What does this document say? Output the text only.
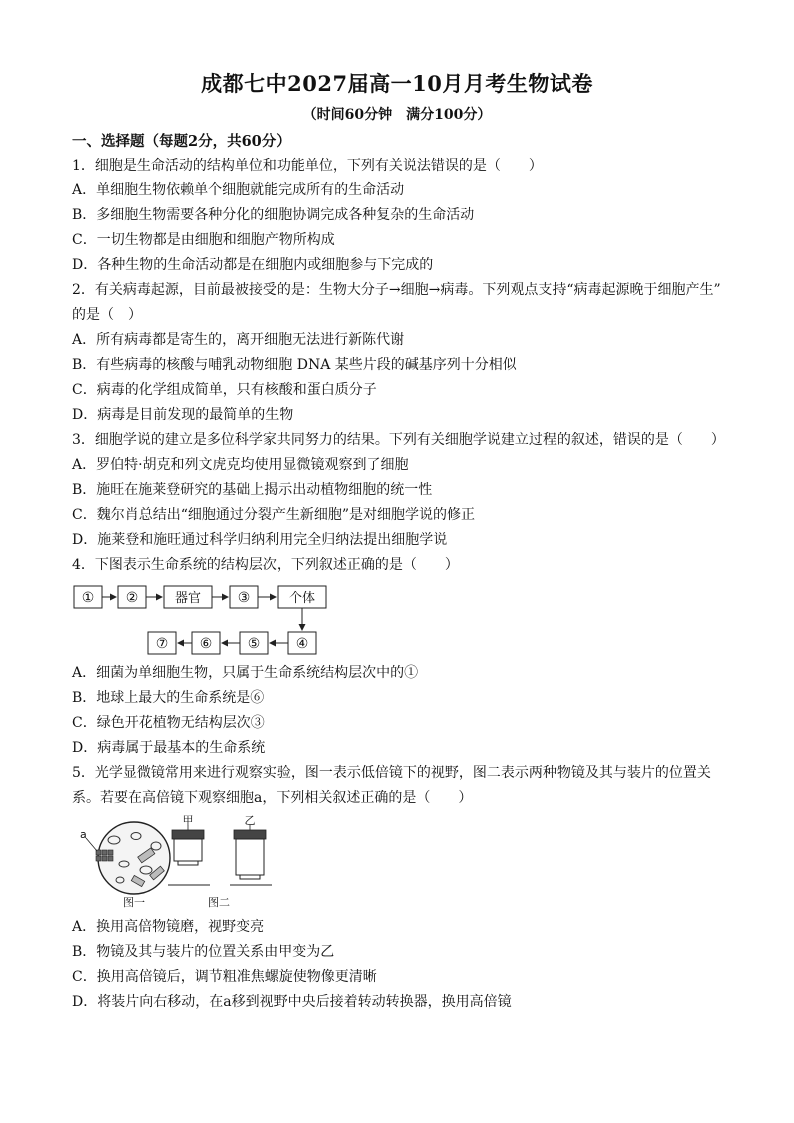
成都七中2027届高一10月月考生物试卷
（时间60分钟　满分100分）
一、选择题（每题2分，共60分）
1．细胞是生命活动的结构单位和功能单位，下列有关说法错误的是（　　）
A．单细胞生物依赖单个细胞就能完成所有的生命活动
B．多细胞生物需要各种分化的细胞协调完成各种复杂的生命活动
C．一切生物都是由细胞和细胞产物所构成
D．各种生物的生命活动都是在细胞内或细胞参与下完成的
2．有关病毒起源，目前最被接受的是：生物大分子→细胞→病毒。下列观点支持“病毒起源晚于细胞产生”
的是（　）
A．所有病毒都是寄生的，离开细胞无法进行新陈代谢
B．有些病毒的核酸与哺乳动物细胞 DNA 某些片段的碱基序列十分相似
C．病毒的化学组成简单，只有核酸和蛋白质分子
D．病毒是目前发现的最简单的生物
3．细胞学说的建立是多位科学家共同努力的结果。下列有关细胞学说建立过程的叙述，错误的是（　　）
A．罗伯特·胡克和列文虎克均使用显微镜观察到了细胞
B．施旺在施莱登研究的基础上揭示出动植物细胞的统一性
C．魏尔肖总结出“细胞通过分裂产生新细胞”是对细胞学说的修正
D．施莱登和施旺通过科学归纳利用完全归纳法提出细胞学说
4．下图表示生命系统的结构层次，下列叙述正确的是（　　）
① ②	器官	③	个体
④
⑤
⑥
⑦
A．细菌为单细胞生物，只属于生命系统结构层次中的①
B．地球上最大的生命系统是⑥
C．绿色开花植物无结构层次③
D．病毒属于最基本的生命系统
5．光学显微镜常用来进行观察实验，图一表示低倍镜下的视野，图二表示两种物镜及其与装片的位置关
系。若要在高倍镜下观察细胞a，下列相关叙述正确的是（　　）
a
甲	乙
图一	图二
A．换用高倍物镜磨，视野变亮
B．物镜及其与装片的位置关系由甲变为乙
C．换用高倍镜后，调节粗准焦螺旋使物像更清晰
D．将装片向右移动，在a移到视野中央后接着转动转换器，换用高倍镜
